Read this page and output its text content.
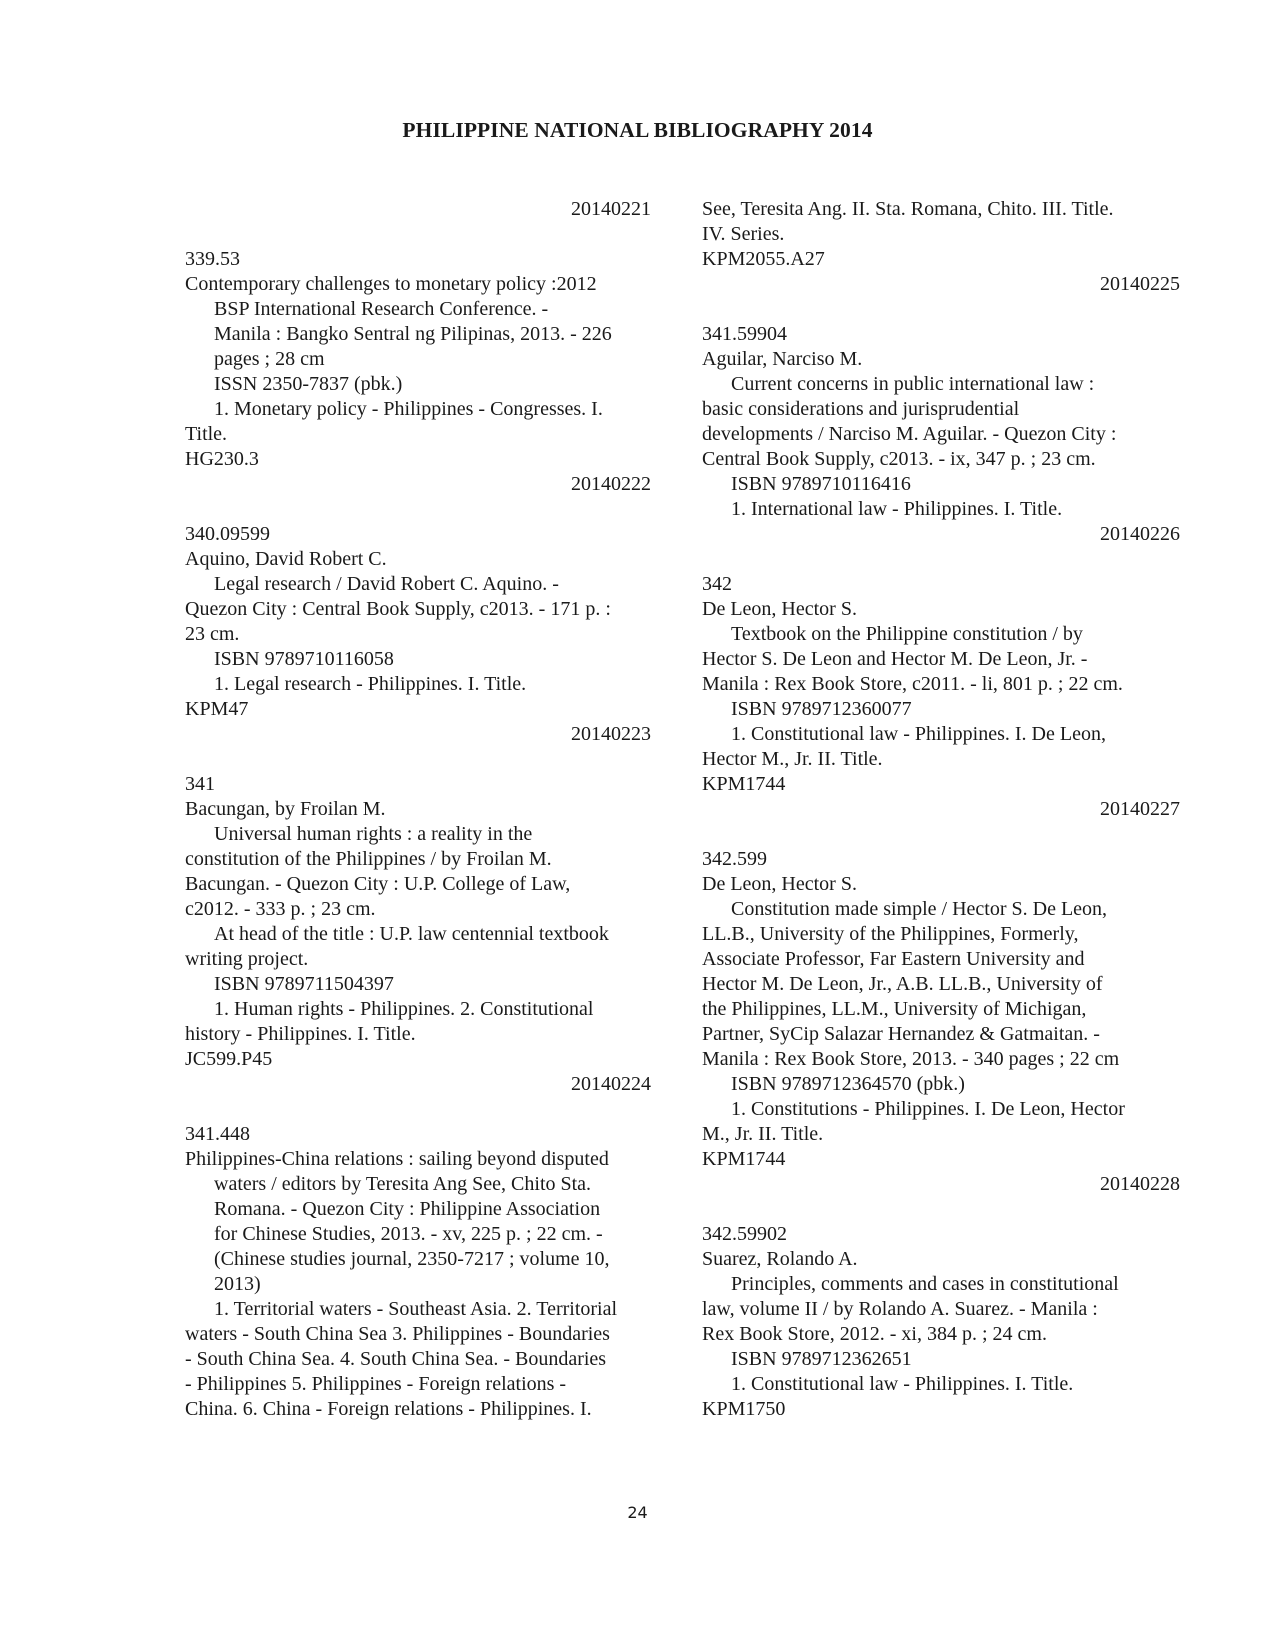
PHILIPPINE NATIONAL BIBLIOGRAPHY 2014
20140221
339.53
Contemporary challenges to monetary policy :2012
BSP International Research Conference. -
Manila : Bangko Sentral ng Pilipinas, 2013. - 226
pages ; 28 cm
ISSN 2350-7837 (pbk.)
1. Monetary policy - Philippines - Congresses. I.
Title.
HG230.3
20140222
340.09599
Aquino, David Robert C.
Legal research / David Robert C. Aquino. -
Quezon City : Central Book Supply, c2013. - 171 p. :
23 cm.
ISBN 9789710116058
1. Legal research - Philippines. I. Title.
KPM47
20140223
341
Bacungan, by Froilan M.
Universal human rights : a reality in the
constitution of the Philippines / by Froilan M.
Bacungan. - Quezon City : U.P. College of Law,
c2012. - 333 p. ; 23 cm.
At head of the title : U.P. law centennial textbook
writing project.
ISBN 9789711504397
1. Human rights - Philippines. 2. Constitutional
history - Philippines. I. Title.
JC599.P45
20140224
341.448
Philippines-China relations : sailing beyond disputed
waters / editors by Teresita Ang See, Chito Sta.
Romana. - Quezon City : Philippine Association
for Chinese Studies, 2013. - xv, 225 p. ; 22 cm. -
(Chinese studies journal, 2350-7217 ; volume 10,
2013)
1. Territorial waters - Southeast Asia. 2. Territorial
waters - South China Sea 3. Philippines - Boundaries
- South China Sea. 4. South China Sea. - Boundaries
- Philippines 5. Philippines - Foreign relations -
China. 6. China - Foreign relations - Philippines. I.
See, Teresita Ang. II. Sta. Romana, Chito. III. Title.
IV. Series.
KPM2055.A27
20140225
341.59904
Aguilar, Narciso M.
Current concerns in public international law :
basic considerations and jurisprudential
developments / Narciso M. Aguilar. - Quezon City :
Central Book Supply, c2013. - ix, 347 p. ; 23 cm.
ISBN 9789710116416
1. International law - Philippines. I. Title.
20140226
342
De Leon, Hector S.
Textbook on the Philippine constitution / by
Hector S. De Leon and Hector M. De Leon, Jr. -
Manila : Rex Book Store, c2011. - li, 801 p. ; 22 cm.
ISBN 9789712360077
1. Constitutional law - Philippines. I. De Leon,
Hector M., Jr. II. Title.
KPM1744
20140227
342.599
De Leon, Hector S.
Constitution made simple / Hector S. De Leon,
LL.B., University of the Philippines, Formerly,
Associate Professor, Far Eastern University and
Hector M. De Leon, Jr., A.B. LL.B., University of
the Philippines, LL.M., University of Michigan,
Partner, SyCip Salazar Hernandez & Gatmaitan. -
Manila : Rex Book Store, 2013. - 340 pages ; 22 cm
ISBN 9789712364570 (pbk.)
1. Constitutions - Philippines. I. De Leon, Hector
M., Jr. II. Title.
KPM1744
20140228
342.59902
Suarez, Rolando A.
Principles, comments and cases in constitutional
law, volume II / by Rolando A. Suarez. - Manila :
Rex Book Store, 2012. - xi, 384 p. ; 24 cm.
ISBN 9789712362651
1. Constitutional law - Philippines. I. Title.
KPM1750
24
